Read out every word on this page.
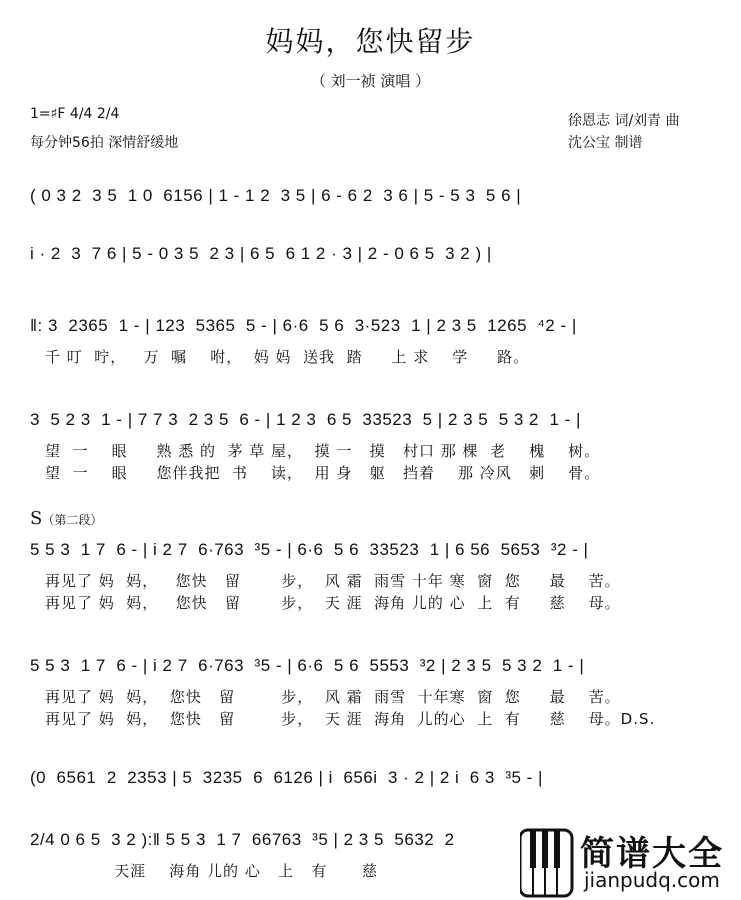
妈妈，您快留步
（ 刘一祯 演唱 ）
1=♯F 4/4 2/4
每分钟56拍 深情舒缓地
徐恩志 词/刘青 曲
沈公宝 制谱
( 0 3 2  3 5  1 0  6156 | 1 - 1 2  3 5 | 6 - 6 2  3 6 | 5 - 5 3  5 6 |
i · 2  3  7 6 | 5 - 0 3 5  2 3 | 6 5  6 1 2 · 3 | 2 - 0 6 5  3 2 ) |
‖: 3  2365  1 - | 123  5365  5 - | 6·6  5 6  3·523  1 | 2 3 5  1265  ⁴2 - |
千 叮  咛，   万  嘱    咐，  妈 妈  送我  踏     上 求    学     路。
3  5 2 3  1 - | 7 7 3  2 3 5  6 - | 1 2 3  6 5  33523  5 | 2 3 5  5 3 2  1 - |
望  一    眼     熟 悉 的  茅 草 屋，  摸 一   摸   村口 那 棵  老    槐    树。
望  一    眼     您伴我把  书    读，  用 身   躯   挡着    那 冷风   刺    骨。
S（第二段）
5 5 3  1 7  6 - | i 2 7  6·763  ³5 - | 6·6  5 6  33523  1 | 6 56  5653  ³2 - |
再见了 妈  妈，   您快   留       步，  风 霜  雨雪 十年 寒  窗  您     最    苦。
再见了 妈  妈，   您快   留       步，  天 涯  海角 儿的 心  上  有     慈    母。
5 5 3  1 7  6 - | i 2 7  6·763  ³5 - | 6·6  5 6  5553  ³2 | 2 3 5  5 3 2  1 - |
再见了 妈  妈，  您快   留        步，  风 霜  雨雪  十年寒  窗  您     最    苦。
再见了 妈  妈，  您快   留        步，  天 涯  海角  儿的心  上  有     慈    母。D.S.
(0  6561  2  2353 | 5  3235  6  6126 | i  656i  3 · 2 | 2 i  6 3  ³5 - |
2/4 0 6 5  3 2 ):‖ 5 5 3  1 7  66763  ³5 | 2 3 5  5632  2
天涯    海角 儿的 心   上   有      慈	简谱大全
jianpudq.com
